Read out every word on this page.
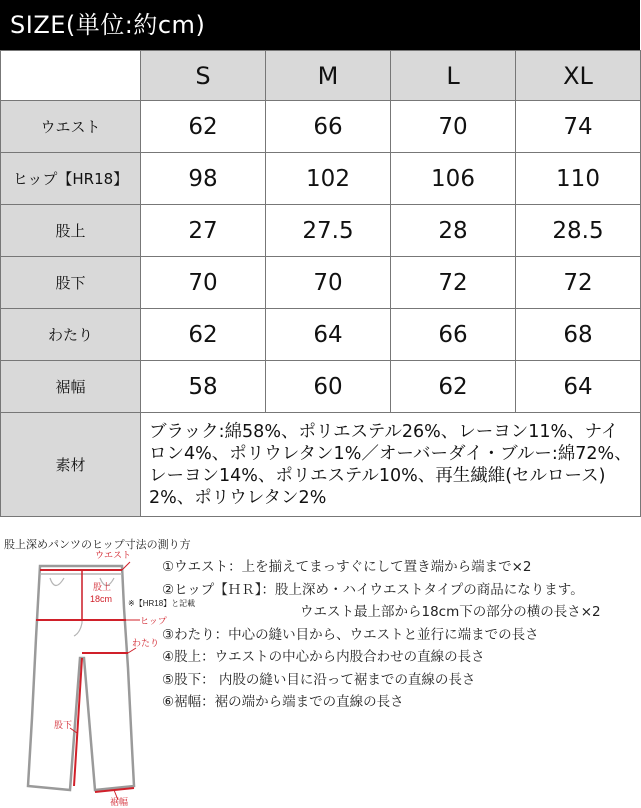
SIZE(単位:約cm)
	S	M	L	XL
ウエスト	62	66	70	74
ヒップ【HR18】	98	102	106	110
股上	27	27.5	28	28.5
股下	70	70	72	72
わたり	62	64	66	68
裾幅	58	60	62	64
素材	ブラック:綿58%、ポリエステル26%、レーヨン11%、ナイロン4%、ポリウレタン1%／オーバーダイ・ブルー:綿72%、レーヨン14%、ポリエステル10%、再生繊維(セルロース)2%、ポリウレタン2%			
股上深めパンツのヒップ寸法の測り方
ウエスト
股上
18cm ※【HR18】と記載
ヒップ
わたり
股下
裾幅
①ウエスト：上を揃えてまっすぐにして置き端から端まで×2
②ヒップ【ＨＲ】：股上深め・ハイウエストタイプの商品になります。
ウエスト最上部から18cm下の部分の横の長さ×2
③わたり：中心の縫い目から、ウエストと並行に端までの長さ
④股上：ウエストの中心から内股合わせの直線の長さ
⑤股下： 内股の縫い目に沿って裾までの直線の長さ
⑥裾幅：裾の端から端までの直線の長さ
